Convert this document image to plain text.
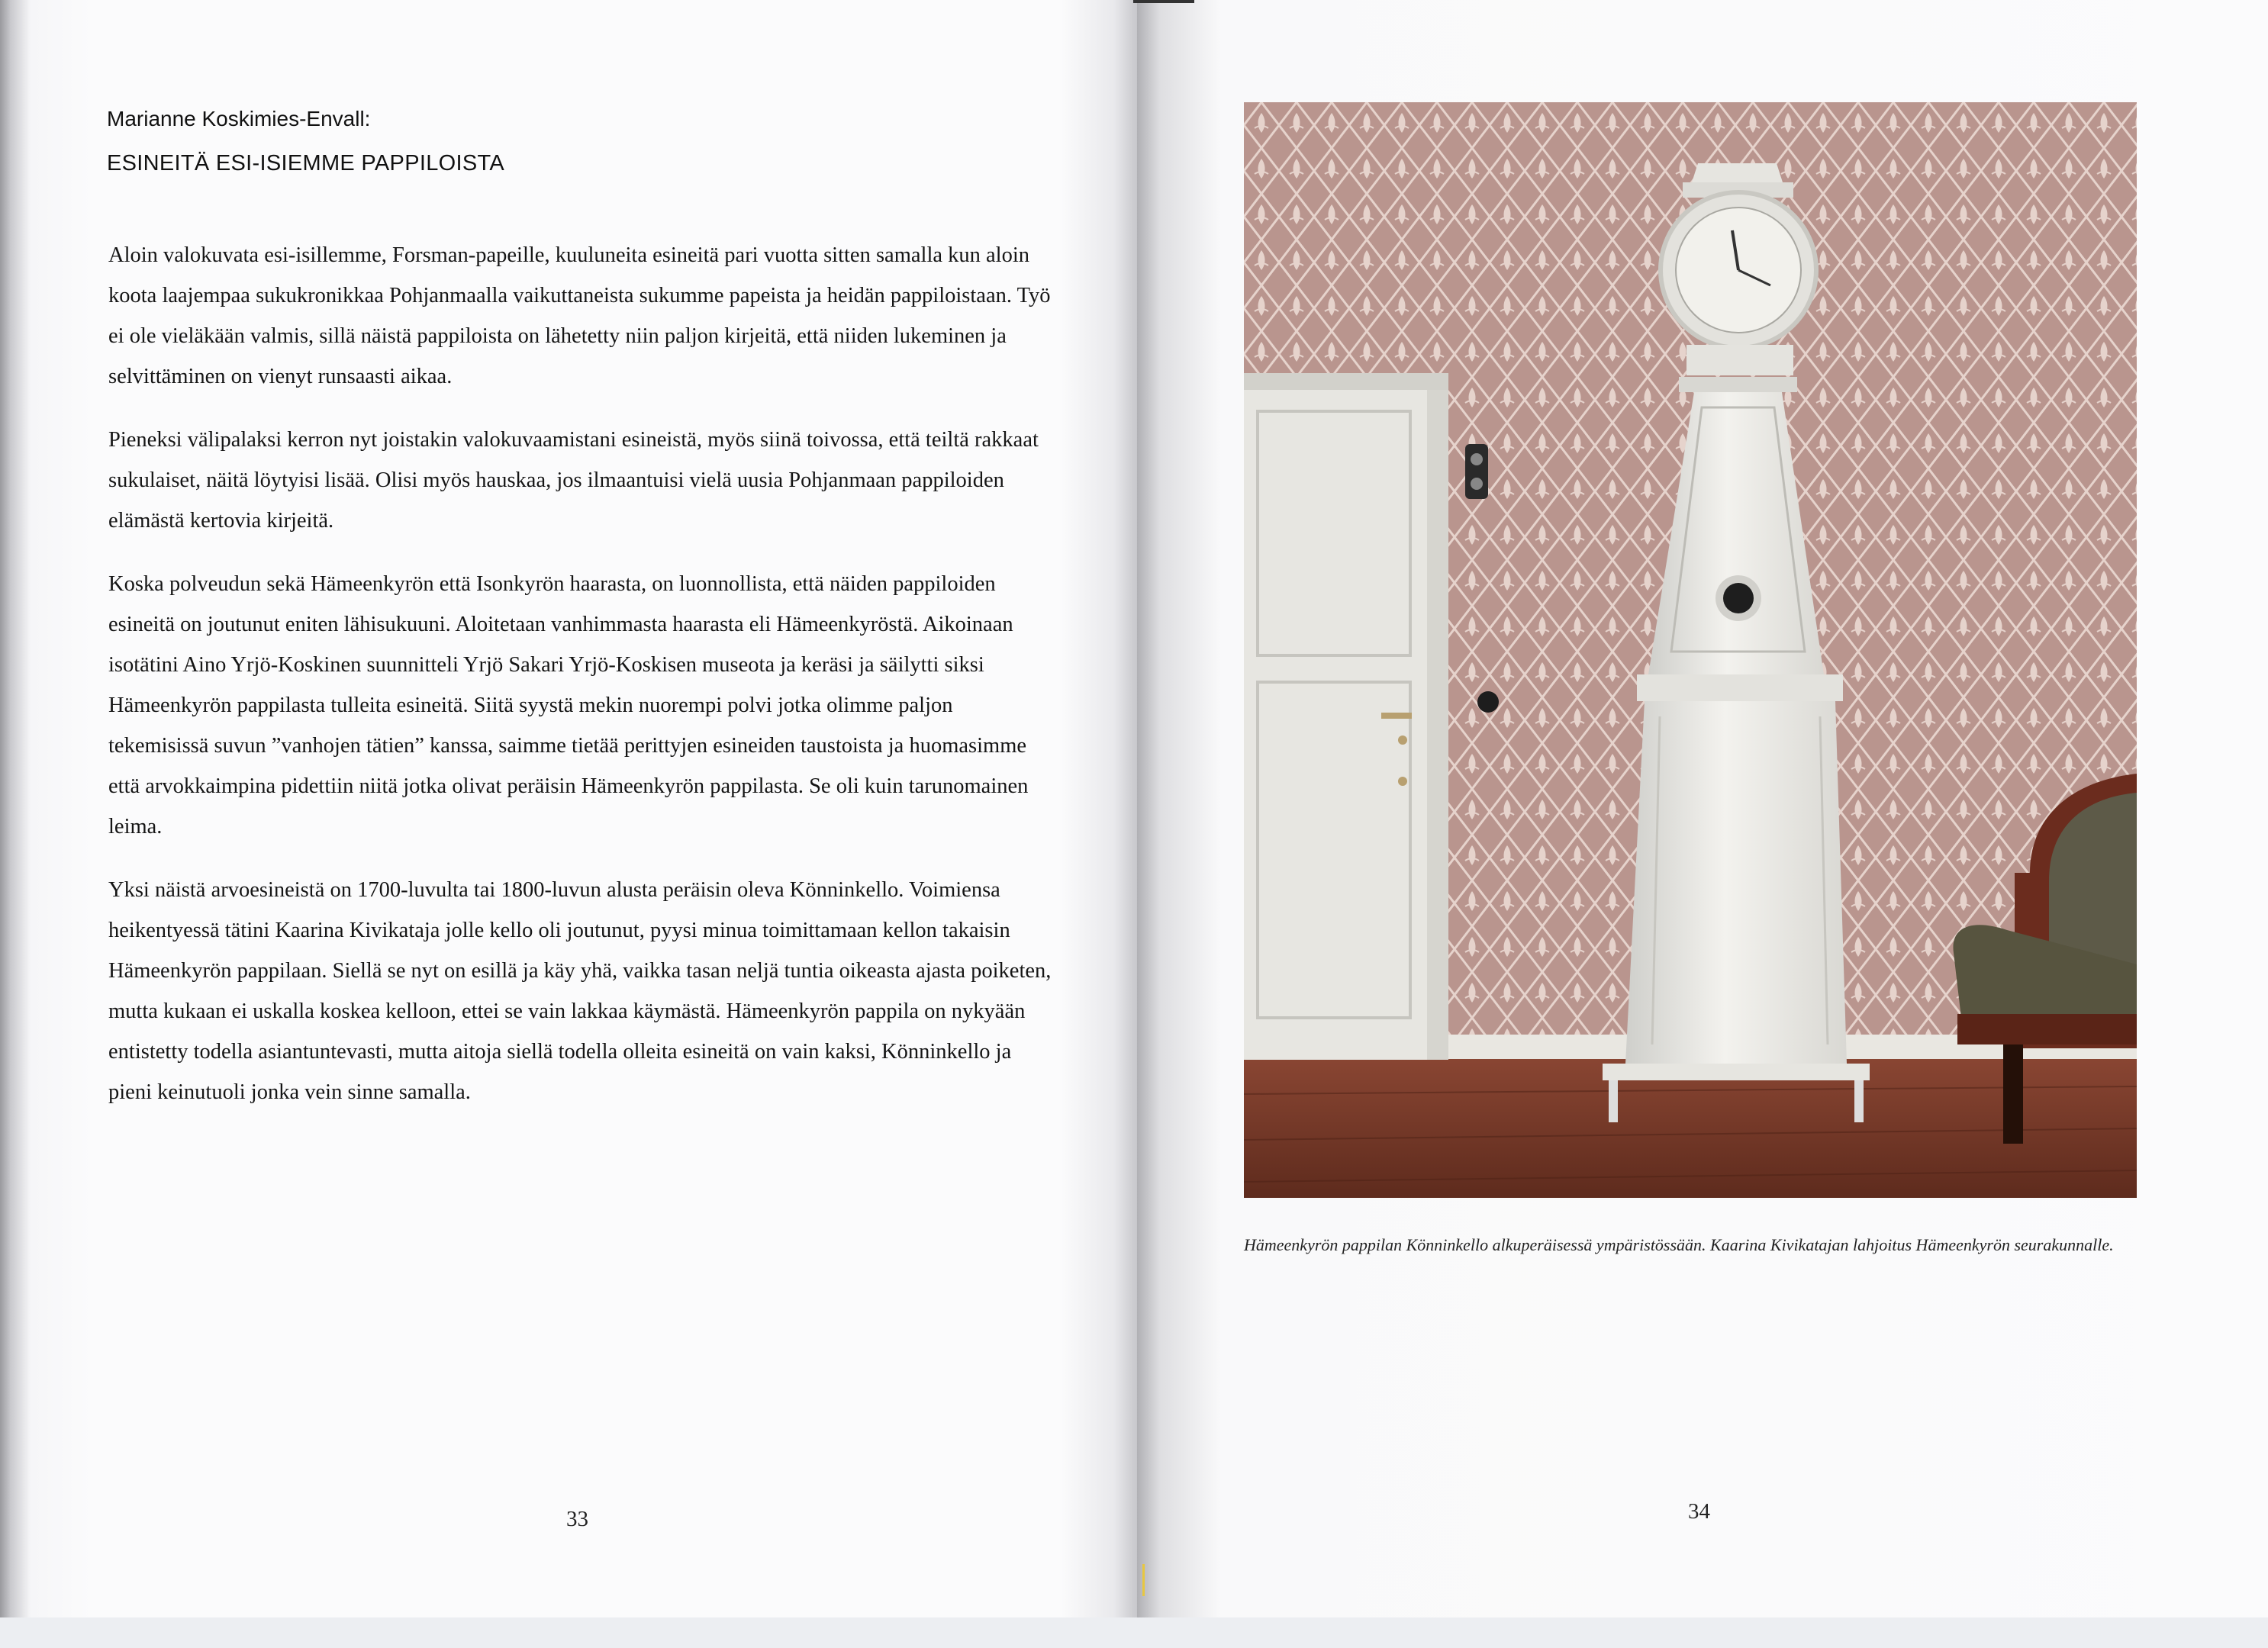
Marianne Koskimies-Envall:
ESINEITÄ ESI-ISIEMME PAPPILOISTA

Aloin valokuvata esi-isillemme, Forsman-papeille, kuuluneita esineitä pari vuotta sitten samalla kun aloin koota laajempaa sukukronikkaa Pohjanmaalla vaikuttaneista sukumme papeista ja heidän pappiloistaan. Työ ei ole vieläkään valmis, sillä näistä pappiloista on lähetetty niin paljon kirjeitä, että niiden lukeminen ja selvittäminen on vienyt runsaasti aikaa.

Pieneksi välipalaksi kerron nyt joistakin valokuvaamistani esineistä, myös siinä toivossa, että teiltä rakkaat sukulaiset, näitä löytyisi lisää. Olisi myös hauskaa, jos ilmaantuisi vielä uusia Pohjanmaan pappiloiden elämästä kertovia kirjeitä.

Koska polveudun sekä Hämeenkyrön että Isonkyrön haarasta, on luonnollista, että näiden pappiloiden esineitä on joutunut eniten lähisukuuni. Aloitetaan vanhimmasta haarasta eli Hämeenkyröstä. Aikoinaan isotätini Aino Yrjö-Koskinen suunnitteli Yrjö Sakari Yrjö-Koskisen museota ja keräsi ja säilytti siksi Hämeenkyrön pappilasta tulleita esineitä. Siitä syystä mekin nuorempi polvi jotka olimme paljon tekemisissä suvun ”vanhojen tätien” kanssa, saimme tietää perittyjen esineiden taustoista ja huomasimme että arvokkaimpina pidettiin niitä jotka olivat peräisin Hämeenkyrön pappilasta. Se oli kuin tarunomainen leima.

Yksi näistä arvoesineistä on 1700-luvulta tai 1800-luvun alusta peräisin oleva Könninkello. Voimiensa heikentyessä tätini Kaarina Kivikataja jolle kello oli joutunut, pyysi minua toimittamaan kellon takaisin Hämeenkyrön pappilaan. Siellä se nyt on esillä ja käy yhä, vaikka tasan neljä tuntia oikeasta ajasta poiketen, mutta kukaan ei uskalla koskea kelloon, ettei se vain lakkaa käymästä. Hämeenkyrön pappila on nykyään entistetty todella asiantuntevasti, mutta aitoja siellä todella olleita esineitä on vain kaksi, Könninkello ja pieni keinutuoli jonka vein sinne samalla.

33
Hämeenkyrön pappilan Könninkello alkuperäisessä ympäristössään. Kaarina Kivikatajan lahjoitus Hämeenkyrön seurakunnalle.
34
